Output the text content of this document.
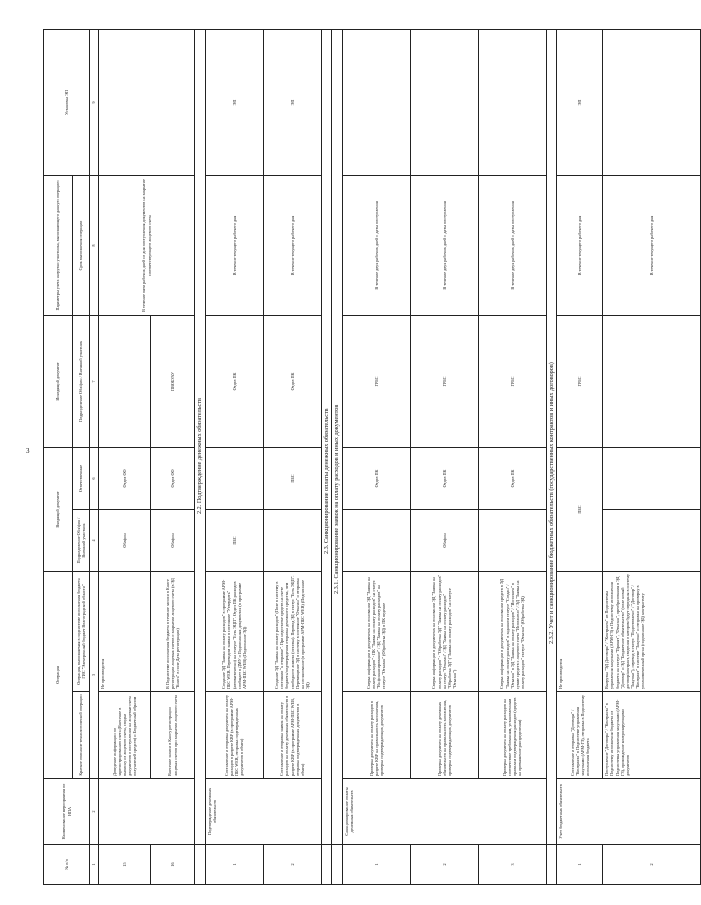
3
№ п/п	Наименование мероприятия по НПА	Операция		Входящий документ		Исходящий документ	Параметры учета нагрузки участника, выполняющего данную операцию	Установка ЭП
		Краткое описание технологической операции	Операция, выполняемая в подсистеме исполнения бюджета ГИС "Электронный бюджет Волгоградской области"	Подразделение Обл/фин / Внешний участник	Ответственные	Подразделение Обл/фин / Внешний участник	Срок выполнения операции	
1	2	3		4	6	7	8	9
15		Доведение информации по зарегистрированию счета (Внесение в выписку из лицевого счета, сводки документов о поступлении на лицевые счета получателей средств) и Бюджетный образом	Не производится	Облфин	Отдел ОО		В течение пяти рабочих дней со дня поступления документов на закрытие соответствующего лицевого счета	
16		Внесение записи в Книгу регистрации лицевых счетов при закрытии лицевого счета	В Подсистеме исполнения бюджета в течение записи в Книге регистрации лицевых счетов о закрытии лицевого счета (в ЭД "Книга" в поле Дата регистрации)	Облфин	Отдел ОО	ПВОБУАУ		
	2.2. Подтверждение денежных обязательств							
1	Подтверждение денежных обязательств	Составление и отправка документа на оплату расходов в разрезе КВР (в программе АРМ-ПБС WEB, отправка подтвержденных документов в обмен)	Создание ЭД "Заявка на оплату расходов" в программе АРМ-ПБС WEB. Переводом заявки в состояние "Утвердить" (автоматически) на статусе "Есть ЭЦП". Отдел ПК расходов сообщает в ДМУ о Подписанных документах (в программе АРМ-ПБС WEB) (Подписание ЭД)	ПБС		Отдел ПК	В течение текущего рабочего дня	ЭП
2		Составление и отправка заявок на оплату расходов на оплату денежных обязательств в разрезе КВР (в программе АРМ-ПБС WEB, отправка подтвержденных документов в обмен)	Создание ЭД "Заявка на оплату расходов" (Поле в систему в состоянии "к отправке". При недостатке средств на счете бюджета/подтверждения отправка денежного средства, чем свободного лимита (остатка). Перевод ЭД в статус "Есть ЭЦП". Перемещение ЭД в систему в состояние "Отказан" и отправка на согласование (в программе АРМ-ПБС WEB) (Подписание ЭД)		ПБС	Отдел ПК	В течение текущего рабочего дня	ЭП
	2.3. Санкционирование оплаты денежных обязательств							
	2.3.1. Санкционирование заявок на оплату расходов и иных документов							
1	Санкционирование оплаты денежных обязательств	Проверка документа на оплату расходов в разрезе КВР на правильность заполнения, проверка подтверждающих документов	Сверка информации в документах на основании ЭД "Заявка на оплату расходов" - ПК "Заявка на оплату расходов" на статус "На финансирование" / ЭД "Заявка на оплату расходов" на статусе "Отказан" (Обработка ЭД) в ПК ведение		Отдел ПК	ГРБС	В течение двух рабочих дней с даты поступления	
2		Проверка документа на оплату денежных обязательств на правильность заполнения, проверка подтверждающих документов	Сверка информации в документах на основании ЭД "Заявка на оплату расходов" - "Обработка ЭД" "Заявка на оплату расходов" на статус "Отказан" / ЭД "Заявка на оплату расходов" "Обработка ЭД" ("Заявка на оплату расходов" на статусе "Отказан")	Облфин	Отдел ПК	ГРБС	В течение двух рабочих дней с даты поступления	
3		Проверка документа на оплату расходов на соответствие требованиям, установленным правилам подтверждения расходов (средств на превышение распределения)	Сверка информации в документах на основании средств в ЭД "Заявка на оплату расходов" в заданном статусе "Создан" / "Отказан" в ЭД "Заявка на оплату расходов" / "Исполнен" в сумме средств с лицевого счета "Исполнено" / ЭД "Заявка на оплату расходов" статусе "Отказан" (Обработка ЭД)		Отдел ПК	ГРБС	В течение двух рабочих дней с даты поступления	
	2.3.2. Учет и санкционирование бюджетных обязательств (государственных контрактов и иных договоров)							
1	Учет бюджетных обязательств	Составление и отправка "Договора" / "Контракта" в Подсистеме управления закупками (АРМ-ГЗ), отправка в Подсистему исполнения бюджета	Не производится	ПБС		ГРБС	В течение текущего рабочего дня	ЭП
2		Поступление "Договора" / "Контракта" в Подсистему исполнения бюджета из Подсистемы управления закупками (АРМ-ГЗ), прохождение контролирующими документов	Выгрузка "ЭД Договора" / "Контракта" из Подсистемы управления закупками (АРМ-ГЗ) в Подсистему исполнения бюджета на статусе "Принят", "Отказан", преобразования в ЭД "Договор" и ЭД "Бюджетное обязательство" (поле новый договор/контракт, сведения о котором будут переданы в систему "Закупки"), перевод в статус "Подготовлено" / "Договор" / "Контракт" в системе "Закупки" и отправки на проверку в уполномоченный орган (подписание ЭД) контрагенту				В течение текущего рабочего дня	
